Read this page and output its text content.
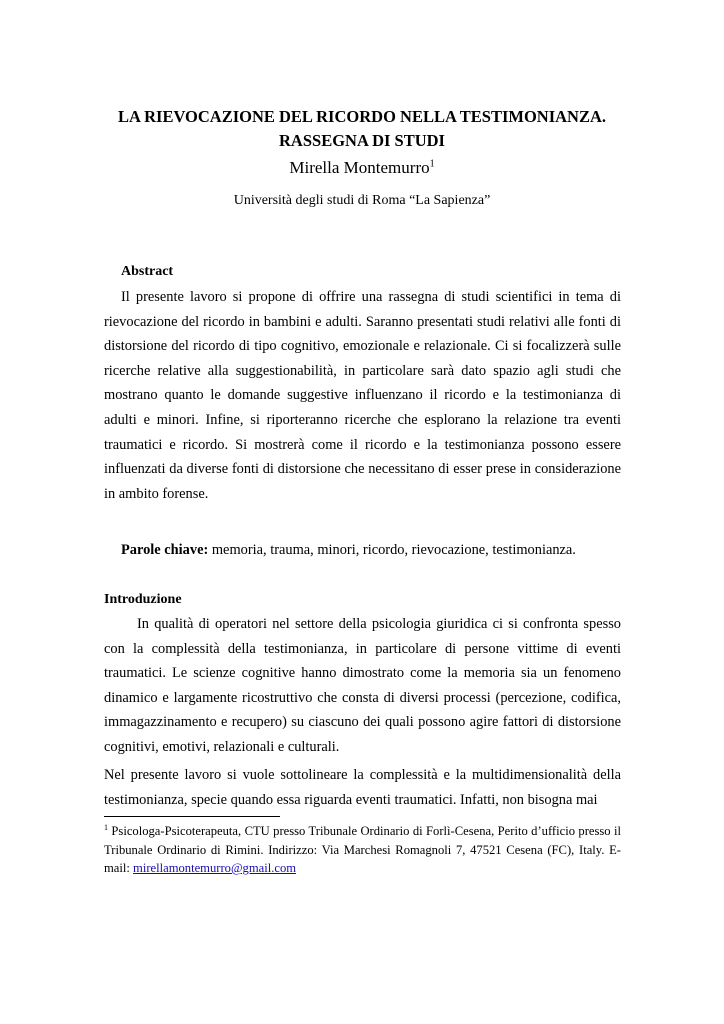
LA RIEVOCAZIONE DEL RICORDO NELLA TESTIMONIANZA.
RASSEGNA DI STUDI
Mirella Montemurro$^1$
Università degli studi di Roma “La Sapienza”
Abstract
Il presente lavoro si propone di offrire una rassegna di studi scientifici in tema di rievocazione del ricordo in bambini e adulti. Saranno presentati studi relativi alle fonti di distorsione del ricordo di tipo cognitivo, emozionale e relazionale. Ci si focalizzerà sulle ricerche relative alla suggestionabilità, in particolare sarà dato spazio agli studi che mostrano quanto le domande suggestive influenzano il ricordo e la testimonianza di adulti e minori. Infine, si riporteranno ricerche che esplorano la relazione tra eventi traumatici e ricordo. Si mostrerà come il ricordo e la testimonianza possono essere influenzati da diverse fonti di distorsione che necessitano di esser prese in considerazione in ambito forense.
Parole chiave: memoria, trauma, minori, ricordo, rievocazione, testimonianza.
Introduzione
In qualità di operatori nel settore della psicologia giuridica ci si confronta spesso con la complessità della testimonianza, in particolare di persone vittime di eventi traumatici. Le scienze cognitive hanno dimostrato come la memoria sia un fenomeno dinamico e largamente ricostruttivo che consta di diversi processi (percezione, codifica, immagazzinamento e recupero) su ciascuno dei quali possono agire fattori di distorsione cognitivi, emotivi, relazionali e culturali.
Nel presente lavoro si vuole sottolineare la complessità e la multidimensionalità della testimonianza, specie quando essa riguarda eventi traumatici. Infatti, non bisogna mai
$^1$ Psicologa-Psicoterapeuta, CTU presso Tribunale Ordinario di Forlì-Cesena, Perito d’ufficio presso il Tribunale Ordinario di Rimini. Indirizzo: Via Marchesi Romagnoli 7, 47521 Cesena (FC), Italy. E-mail: mirellamontemurro@gmail.com
